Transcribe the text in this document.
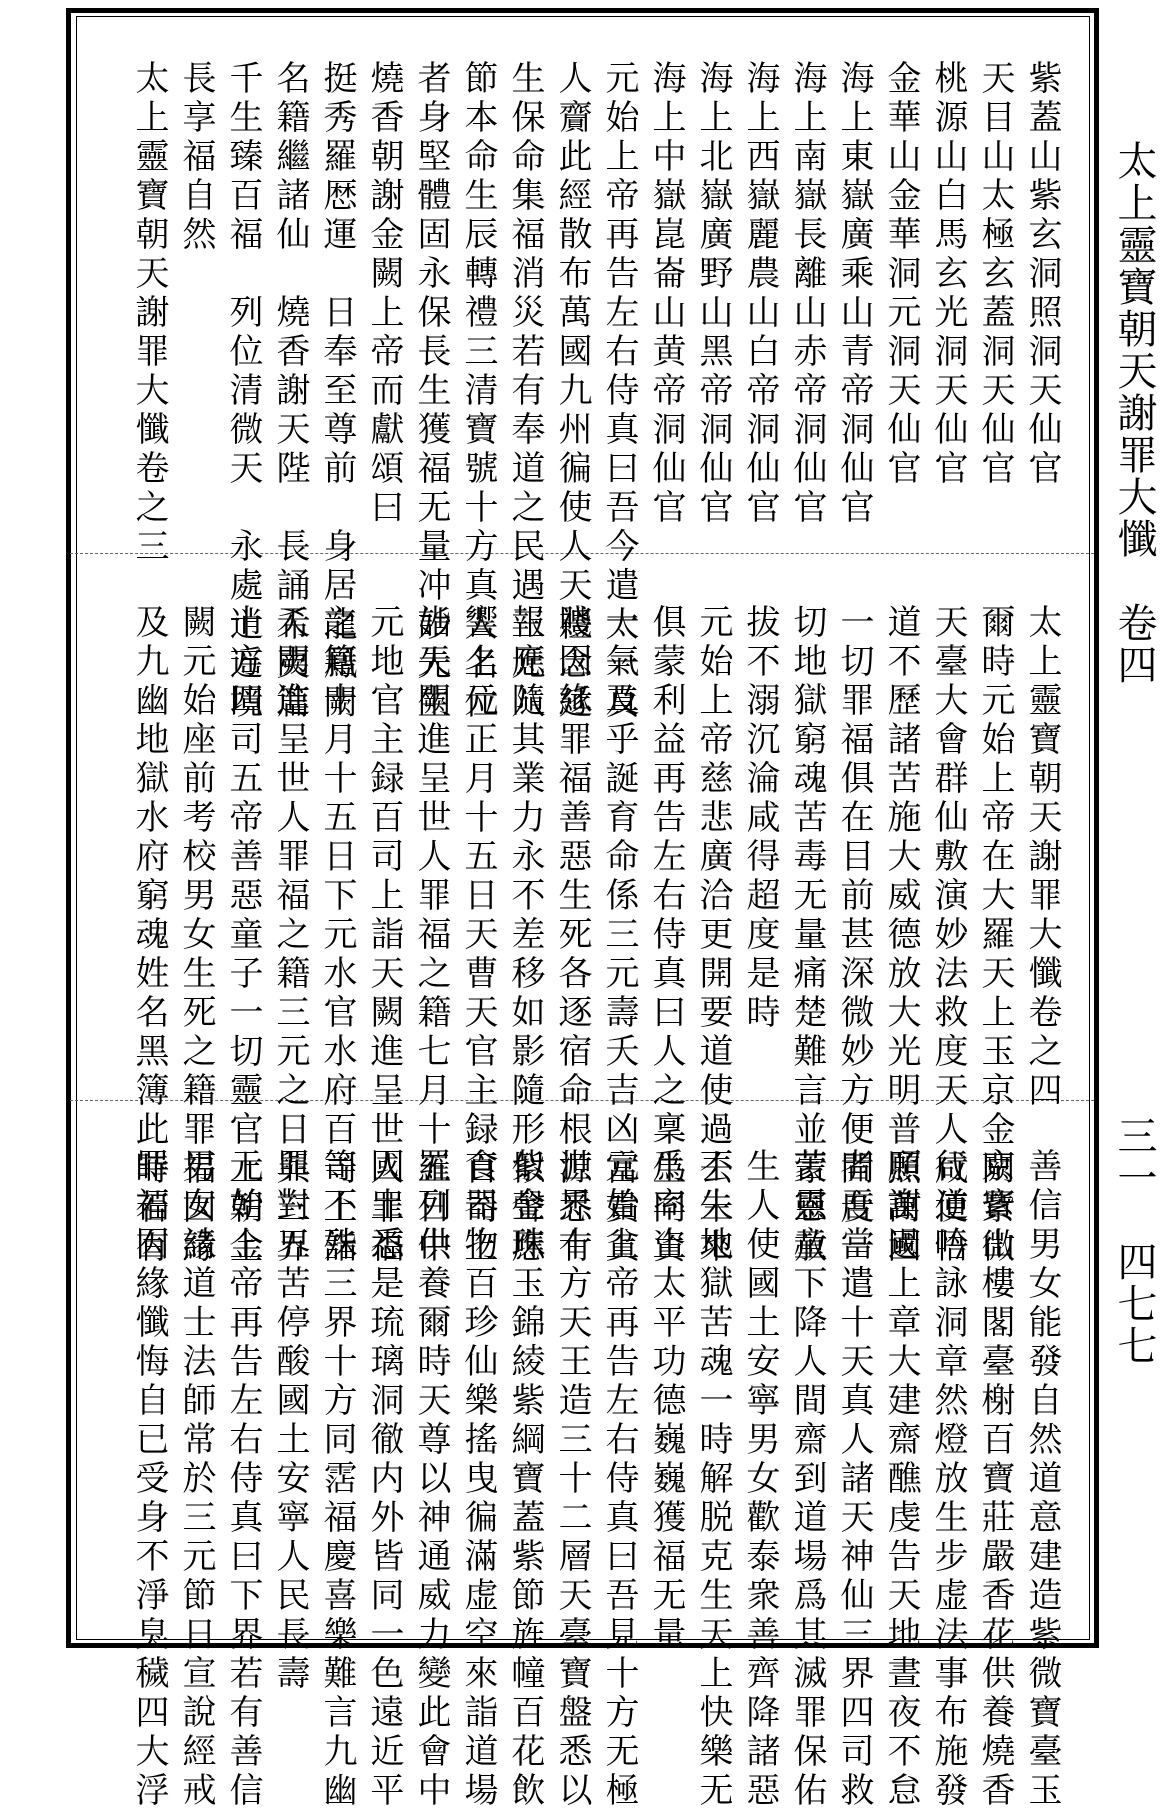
太上靈寶朝天謝罪大懺　卷四
三一　四七七
紫蓋山紫玄洞照洞天仙官
天目山太極玄蓋洞天仙官
桃源山白馬玄光洞天仙官
金華山金華洞元洞天仙官
海上東嶽廣乘山青帝洞仙官
海上南嶽長離山赤帝洞仙官
海上西嶽麗農山白帝洞仙官
海上北嶽廣野山黑帝洞仙官
海上中嶽崑崙山黄帝洞仙官
元始上帝再告左右侍真曰吾今遣太一真
人齎此經散布萬國九州徧使人天禮念延
生保命集福消災若有奉道之民遇三元八
節本命生辰轉禮三清寶號十方真人名位
者身堅體固永保長生獲福无量冲妙先生
燒香朝謝金闕上帝而獻頌曰
挺秀羅厯運　日奉至尊前　身居龍鳳闕
名籍繼諸仙　燒香謝天陛　長誦希夷篇
千生臻百福　列位清微天　永處逍遥境
長享福自然
太上靈寶朝天謝罪大懺卷之三
太上靈寶朝天謝罪大懺卷之四
爾時元始上帝在大羅天上玉京金闕紫微
天臺大會群仙敷演妙法救度天人咸使悟
道不歷諸苦施大威德放大光明普照萬國
一切罪福俱在目前甚深微妙方便開度一
切地獄窮魂苦毒无量痛楚難言並蒙恩赦
拔不溺沉淪咸得超度是時
元始上帝慈悲廣洽更開要道使過去未來
俱蒙利益再告左右侍真曰人之稟生同資
一氣及乎誕育命係三元壽夭吉凶富貴貧
賤因緣罪福善惡生死各逐宿命根源悉有
報應隨其業力永不差移如影隨形似聲應
響上元正月十五日天曹天官主録百司上
詣天闕進呈世人罪福之籍七月十五日中
元地官主録百司上詣天闕進呈世人罪福
之籍十月十五日下元水官水府百司上詣
天闕進呈世人罪福之籍三元之日與三界
十方四司五帝善惡童子一切靈官上朝金
闕元始座前考校男女生死之籍罪福因緣
及九幽地獄水府窮魂姓名黑簿此時若有
善信男女能發自然道意建造紫微寶臺玉
京寶山樓閣臺榭百寶莊嚴香花供養燒香
行道吟詠洞章然燈放生步虚法事布施發
願謝過上章大建齋醮虔告天地晝夜不怠
者吾當遣十天真人諸天神仙三界四司救
苦靈童下降人間齋到道場爲其滅罪保佑
生人使國土安寧男女歡泰衆善齊降諸惡
不生地獄苦魂一時解脱克生天上快樂无
爲率土太平功德巍巍獲福无量
元始上帝再告左右侍真曰吾見十方无極
世界十方天王造三十二層天臺寶盤悉以
紫金珠玉錦綾紫綱寶蓋紫節旌幢百花飲
食器物百珍仙樂搖曳徧滿虚空來詣道場
羅列供養爾時天尊以神通威力變此會中
國土悉是琉璃洞徹内外皆同一色遠近平
等不殊三界十方同霑福慶喜樂難言九幽
罪對五苦停酸國土安寧人民長壽
元始上帝再告左右侍真曰下界若有善信
男女請道士法師常於三元節日宣說經戒
罪福因緣懺悔自已受身不淨臭穢四大浮
